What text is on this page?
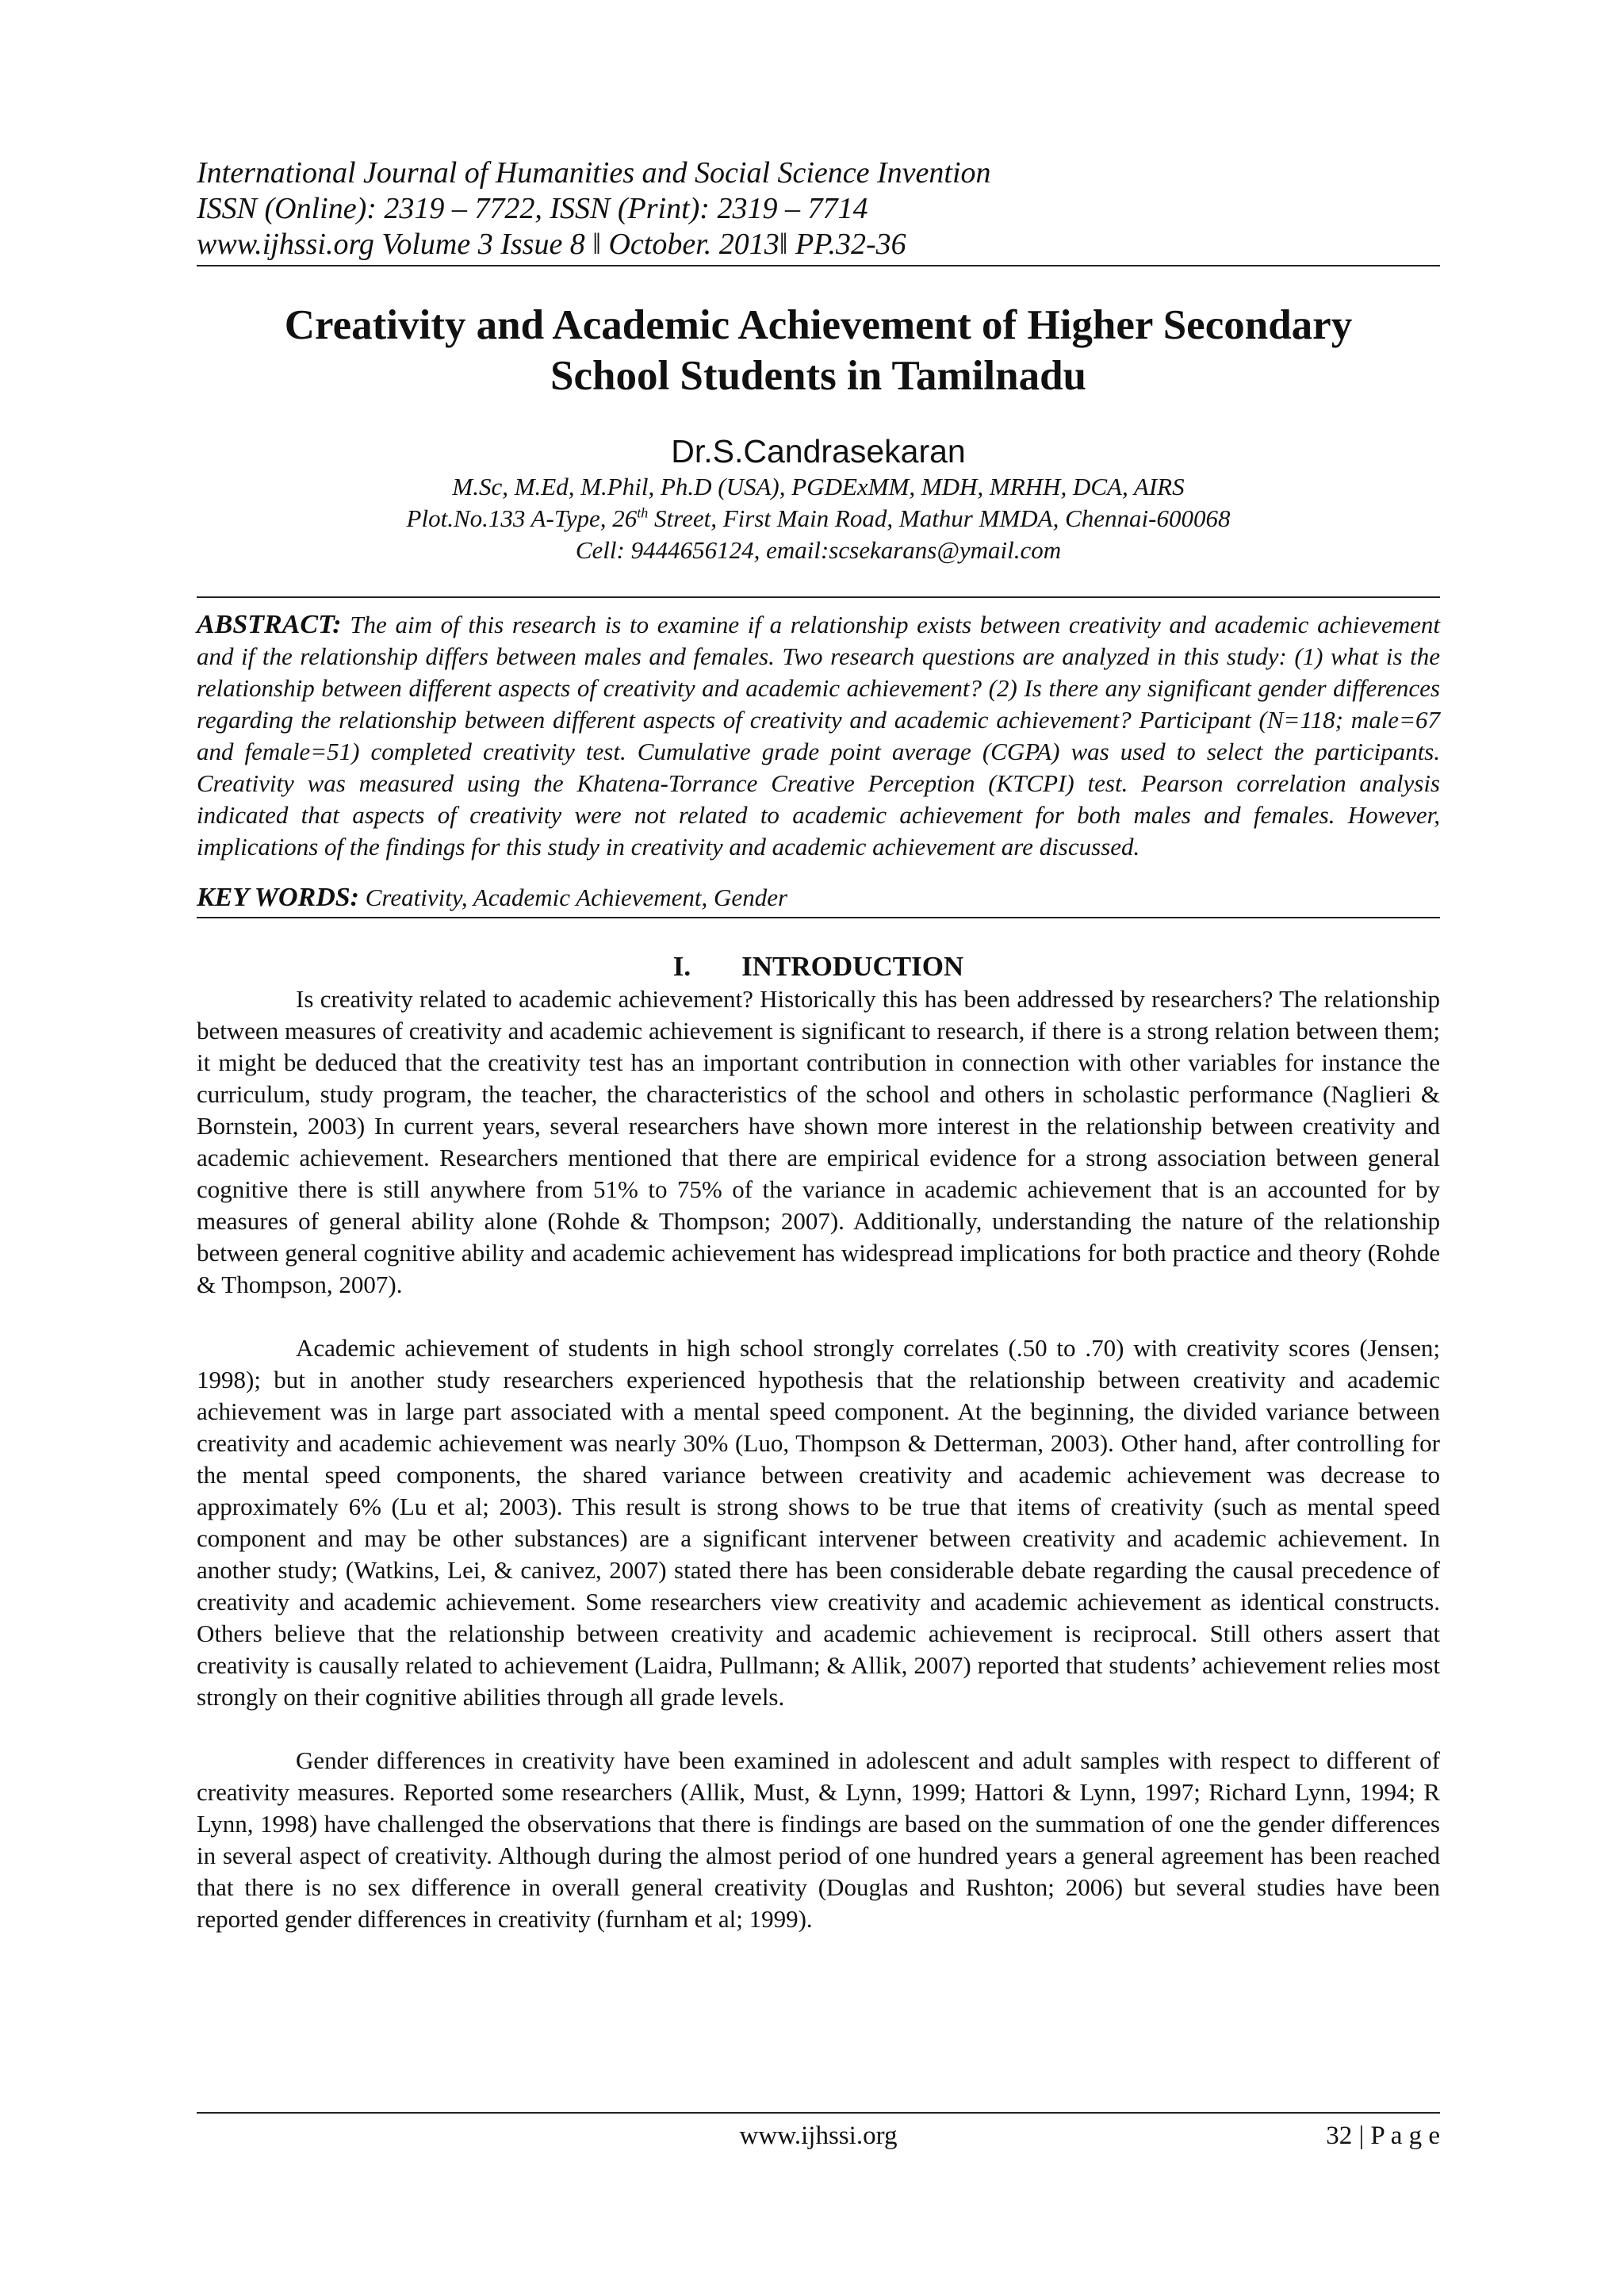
International Journal of Humanities and Social Science Invention
ISSN (Online): 2319 – 7722, ISSN (Print): 2319 – 7714
www.ijhssi.org Volume 3 Issue 8 ǁ October. 2013ǁ PP.32-36
Creativity and Academic Achievement of Higher Secondary
School Students in Tamilnadu
Dr.S.Candrasekaran
M.Sc, M.Ed, M.Phil, Ph.D (USA), PGDExMM, MDH, MRHH, DCA, AIRS
Plot.No.133 A-Type, 26th Street, First Main Road, Mathur MMDA, Chennai-600068
Cell: 9444656124, email:scsekarans@ymail.com
ABSTRACT: The aim of this research is to examine if a relationship exists between creativity and academic achievement and if the relationship differs between males and females. Two research questions are analyzed in this study: (1) what is the relationship between different aspects of creativity and academic achievement? (2) Is there any significant gender differences regarding the relationship between different aspects of creativity and academic achievement? Participant (N=118; male=67 and female=51) completed creativity test. Cumulative grade point average (CGPA) was used to select the participants. Creativity was measured using the Khatena-Torrance Creative Perception (KTCPI) test. Pearson correlation analysis indicated that aspects of creativity were not related to academic achievement for both males and females. However, implications of the findings for this study in creativity and academic achievement are discussed.
KEY WORDS: Creativity, Academic Achievement, Gender
I. INTRODUCTION

Is creativity related to academic achievement? Historically this has been addressed by researchers? The relationship between measures of creativity and academic achievement is significant to research, if there is a strong relation between them; it might be deduced that the creativity test has an important contribution in connection with other variables for instance the curriculum, study program, the teacher, the characteristics of the school and others in scholastic performance (Naglieri & Bornstein, 2003) In current years, several researchers have shown more interest in the relationship between creativity and academic achievement. Researchers mentioned that there are empirical evidence for a strong association between general cognitive there is still anywhere from 51% to 75% of the variance in academic achievement that is an accounted for by measures of general ability alone (Rohde & Thompson; 2007). Additionally, understanding the nature of the relationship between general cognitive ability and academic achievement has widespread implications for both practice and theory (Rohde & Thompson, 2007).

Academic achievement of students in high school strongly correlates (.50 to .70) with creativity scores (Jensen; 1998); but in another study researchers experienced hypothesis that the relationship between creativity and academic achievement was in large part associated with a mental speed component. At the beginning, the divided variance between creativity and academic achievement was nearly 30% (Luo, Thompson & Detterman, 2003). Other hand, after controlling for the mental speed components, the shared variance between creativity and academic achievement was decrease to approximately 6% (Lu et al; 2003). This result is strong shows to be true that items of creativity (such as mental speed component and may be other substances) are a significant intervener between creativity and academic achievement. In another study; (Watkins, Lei, & canivez, 2007) stated there has been considerable debate regarding the causal precedence of creativity and academic achievement. Some researchers view creativity and academic achievement as identical constructs. Others believe that the relationship between creativity and academic achievement is reciprocal. Still others assert that creativity is causally related to achievement (Laidra, Pullmann; & Allik, 2007) reported that students’ achievement relies most strongly on their cognitive abilities through all grade levels.

Gender differences in creativity have been examined in adolescent and adult samples with respect to different of creativity measures. Reported some researchers (Allik, Must, & Lynn, 1999; Hattori & Lynn, 1997; Richard Lynn, 1994; R Lynn, 1998) have challenged the observations that there is findings are based on the summation of one the gender differences in several aspect of creativity. Although during the almost period of one hundred years a general agreement has been reached that there is no sex difference in overall general creativity (Douglas and Rushton; 2006) but several studies have been reported gender differences in creativity (furnham et al; 1999).

www.ijhssi.org	32 | P a g e
